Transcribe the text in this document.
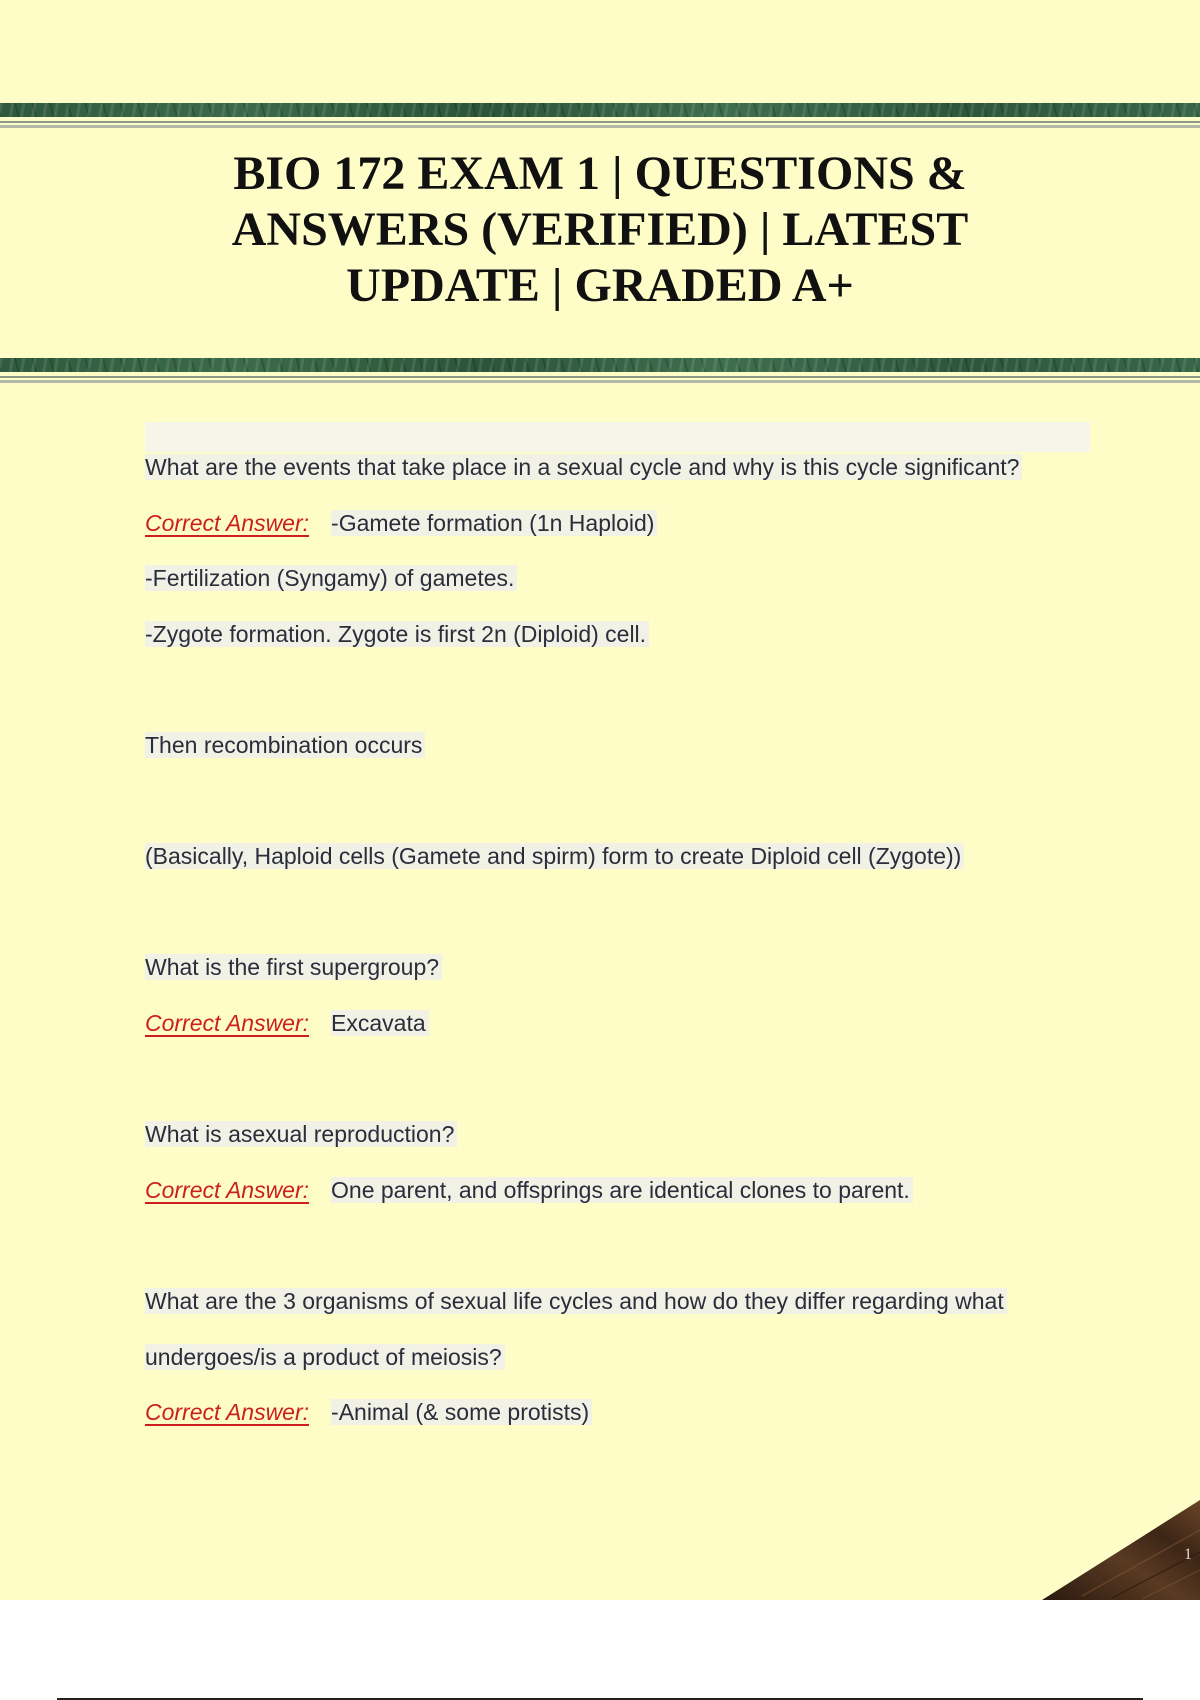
BIO 172 EXAM 1 | QUESTIONS &
ANSWERS (VERIFIED) | LATEST
UPDATE | GRADED A+
What are the events that take place in a sexual cycle and why is this cycle significant?
Correct Answer: -Gamete formation (1n Haploid)
-Fertilization (Syngamy) of gametes.
-Zygote formation. Zygote is first 2n (Diploid) cell.
Then recombination occurs
(Basically, Haploid cells (Gamete and spirm) form to create Diploid cell (Zygote))
What is the first supergroup?
Correct Answer: Excavata
What is asexual reproduction?
Correct Answer: One parent, and offsprings are identical clones to parent.
What are the 3 organisms of sexual life cycles and how do they differ regarding what
undergoes/is a product of meiosis?
Correct Answer: -Animal (& some protists)
1
